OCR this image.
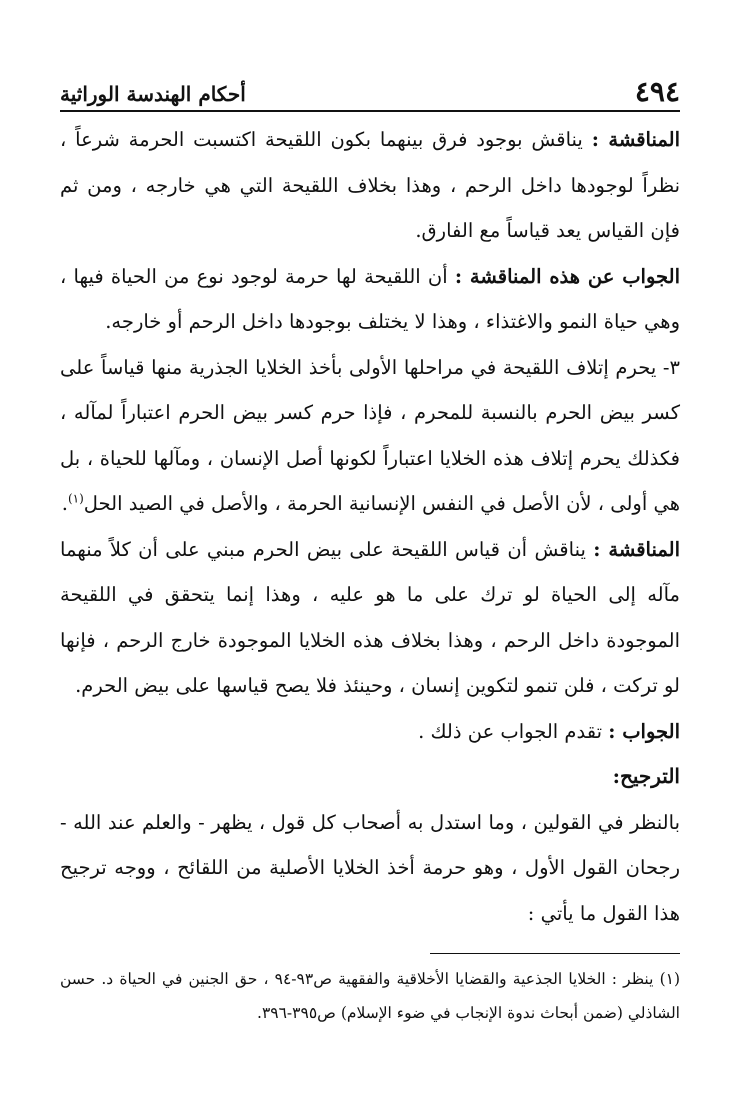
٤٩٤
أحكام الهندسة الوراثية

المناقشة : يناقش بوجود فرق بينهما بكون اللقيحة اكتسبت الحرمة شرعاً ، نظراً لوجودها داخل الرحم ، وهذا بخلاف اللقيحة التي هي خارجه ، ومن ثم فإن القياس يعد قياساً مع الفارق.

الجواب عن هذه المناقشة : أن اللقيحة لها حرمة لوجود نوع من الحياة فيها ، وهي حياة النمو والاغتذاء ، وهذا لا يختلف بوجودها داخل الرحم أو خارجه.

٣- يحرم إتلاف اللقيحة في مراحلها الأولى بأخذ الخلايا الجذرية منها قياساً على كسر بيض الحرم بالنسبة للمحرم ، فإذا حرم كسر بيض الحرم اعتباراً لمآله ، فكذلك يحرم إتلاف هذه الخلايا اعتباراً لكونها أصل الإنسان ، ومآلها للحياة ، بل هي أولى ، لأن الأصل في النفس الإنسانية الحرمة ، والأصل في الصيد الحل$^{(١)}$.

المناقشة : يناقش أن قياس اللقيحة على بيض الحرم مبني على أن كلاً منهما مآله إلى الحياة لو ترك على ما هو عليه ، وهذا إنما يتحقق في اللقيحة الموجودة داخل الرحم ، وهذا بخلاف هذه الخلايا الموجودة خارج الرحم ، فإنها لو تركت ، فلن تنمو لتكوين إنسان ، وحينئذ فلا يصح قياسها على بيض الحرم.

الجواب : تقدم الجواب عن ذلك .

الترجيح:

بالنظر في القولين ، وما استدل به أصحاب كل قول ، يظهر - والعلم عند الله - رجحان القول الأول ، وهو حرمة أخذ الخلايا الأصلية من اللقائح ، ووجه ترجيح هذا القول ما يأتي :

(١) ينظر : الخلايا الجذعية والقضايا الأخلاقية والفقهية ص٩٣-٩٤ ، حق الجنين في الحياة د. حسن الشاذلي (ضمن أبحاث ندوة الإنجاب في ضوء الإسلام) ص٣٩٥-٣٩٦.
